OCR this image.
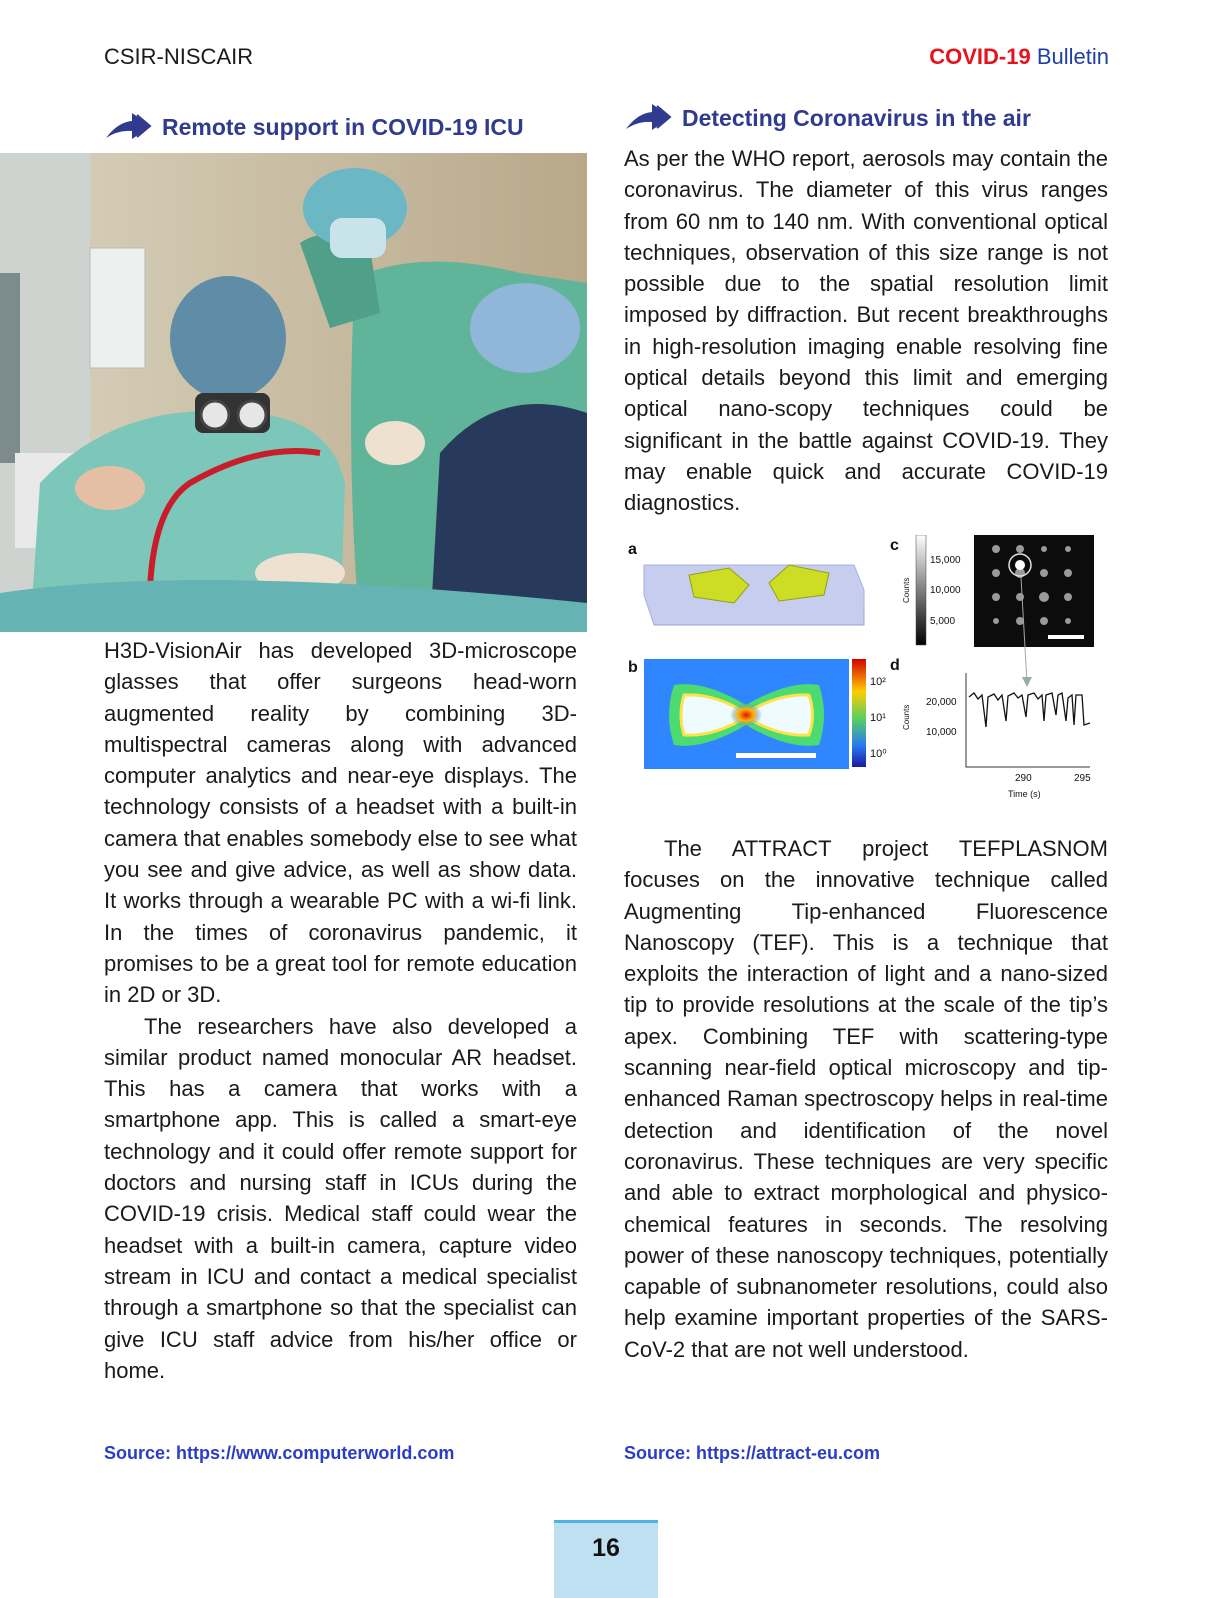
CSIR-NISCAIR	COVID-19 Bulletin
Remote support in COVID-19 ICU

H3D-VisionAir has developed 3D-microscope glasses that offer surgeons head-worn augmented reality by combining 3D-multispectral cameras along with advanced computer analytics and near-eye displays. The technology consists of a headset with a built-in camera that enables somebody else to see what you see and give advice, as well as show data. It works through a wearable PC with a wi-fi link. In the times of coronavirus pandemic, it promises to be a great tool for remote education in 2D or 3D.

The researchers have also developed a similar product named monocular AR headset. This has a camera that works with a smartphone app. This is called a smart-eye technology and it could offer remote support for doctors and nursing staff in ICUs during the COVID-19 crisis. Medical staff could wear the headset with a built-in camera, capture video stream in ICU and contact a medical specialist through a smartphone so that the specialist can give ICU staff advice from his/her office or home.

Source: https://www.computerworld.com
Detecting Coronavirus in the air

As per the WHO report, aerosols may contain the coronavirus. The diameter of this virus ranges from 60 nm to 140 nm. With conventional optical techniques, observation of this size range is not possible due to the spatial resolution limit imposed by diffraction. But recent breakthroughs in high-resolution imaging enable resolving fine optical details beyond this limit and emerging optical nano-scopy techniques could be significant in the battle against COVID-19. They may enable quick and accurate COVID-19 diagnostics.

a
b
10²
10¹
10⁰
c
Counts
15,000
10,000
5,000
d
Counts
20,000
10,000
290	295
Time (s)

The ATTRACT project TEFPLASNOM focuses on the innovative technique called Augmenting Tip-enhanced Fluorescence Nanoscopy (TEF). This is a technique that exploits the interaction of light and a nano-sized tip to provide resolutions at the scale of the tip’s apex. Combining TEF with scattering-type scanning near-field optical microscopy and tip-enhanced Raman spectroscopy helps in real-time detection and identification of the novel coronavirus. These techniques are very specific and able to extract morphological and physico-chemical features in seconds. The resolving power of these nanoscopy techniques, potentially capable of subnanometer resolutions, could also help examine important properties of the SARS-CoV-2 that are not well understood.

Source: https://attract-eu.com
16
